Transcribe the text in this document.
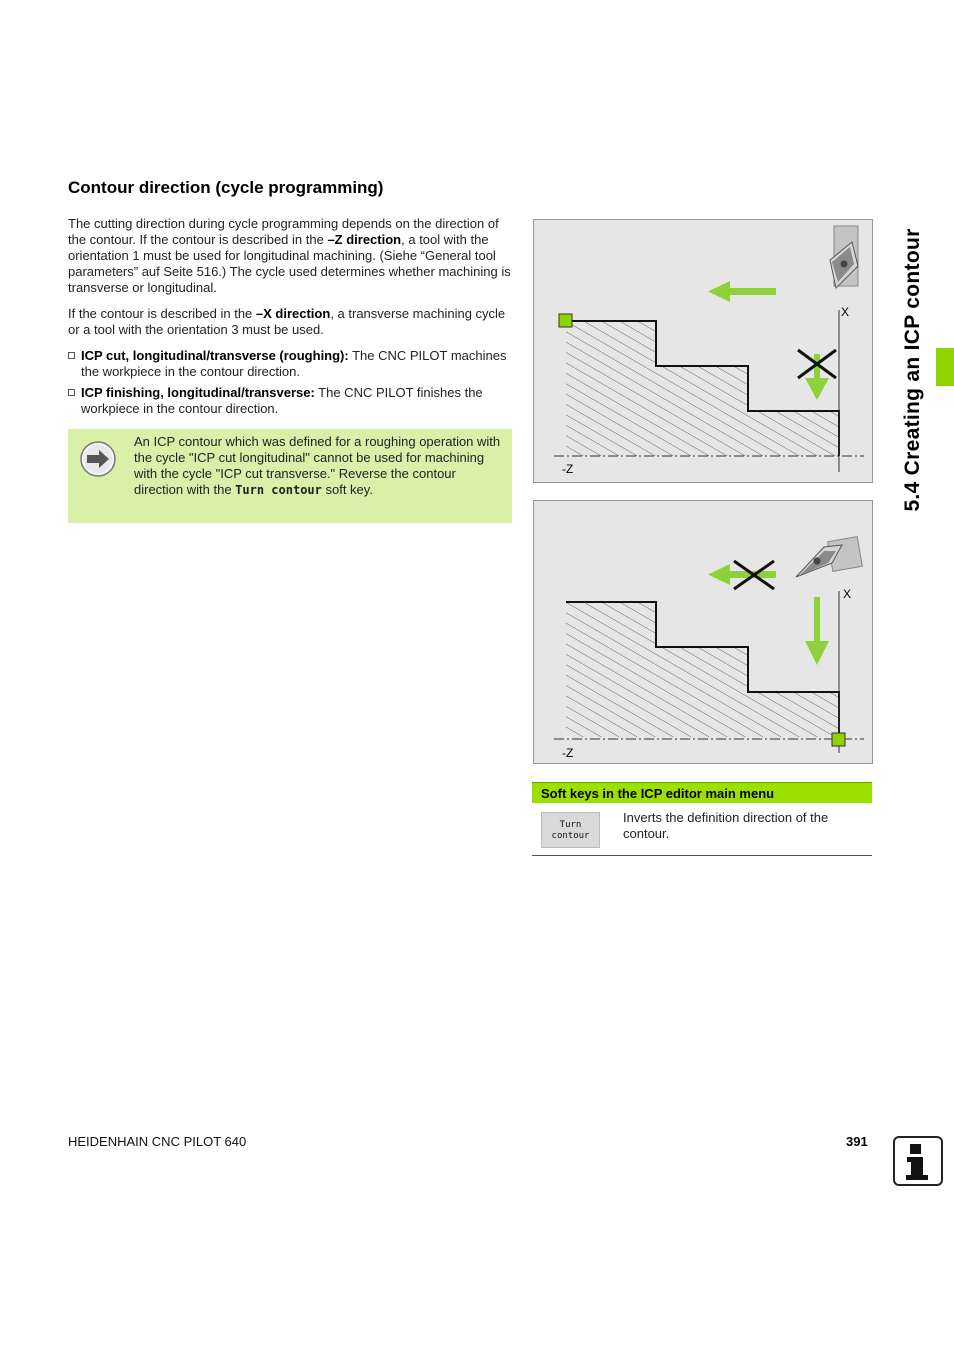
Contour direction (cycle programming)

The cutting direction during cycle programming depends on the direction of the contour. If the contour is described in the –Z direction, a tool with the orientation 1 must be used for longitudinal machining. (Siehe “General tool parameters” auf Seite 516.) The cycle used determines whether machining is transverse or longitudinal.

If the contour is described in the –X direction, a transverse machining cycle or a tool with the orientation 3 must be used.

ICP cut, longitudinal/transverse (roughing): The CNC PILOT machines the workpiece in the contour direction.

ICP finishing, longitudinal/transverse: The CNC PILOT finishes the workpiece in the contour direction.

An ICP contour which was defined for a roughing operation with the cycle "ICP cut longitudinal" cannot be used for machining with the cycle "ICP cut transverse." Reverse the contour direction with the Turn contour soft key.

X
-Z
X
-Z
Soft keys in the ICP editor main menu
Turn
contour

Inverts the definition direction of the contour.

5.4 Creating an ICP contour

HEIDENHAIN CNC PILOT 640	391
